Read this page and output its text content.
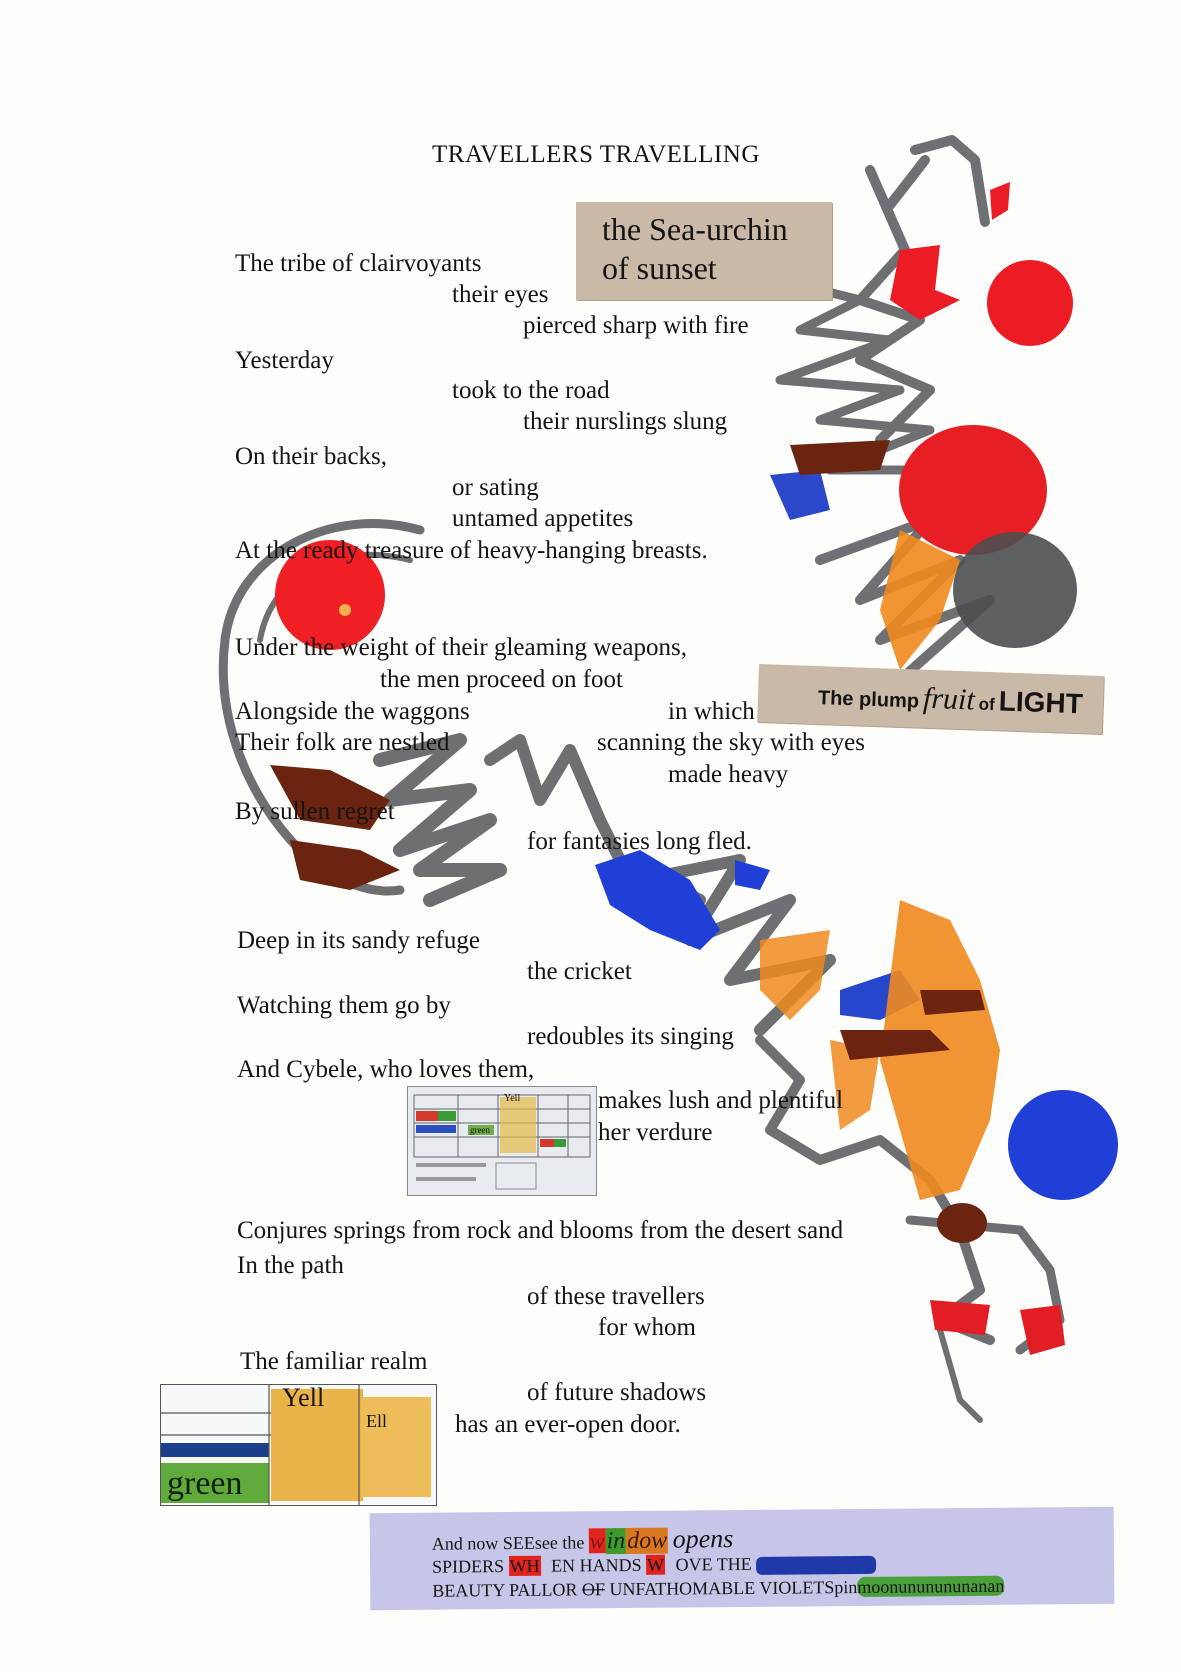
TRAVELLERS TRAVELLING
the Sea-urchin
of sunset
The plump fruit of LIGHT
The tribe of clairvoyants
their eyes
pierced sharp with fire
Yesterday
took to the road
their nurslings slung
On their backs,
or sating
untamed appetites
At the ready treasure of heavy-hanging breasts.
Under the weight of their gleaming weapons,
the men proceed on foot
Alongside the waggons	in which
Their folk are nestled	scanning the sky with eyes
made heavy
By sullen regret
for fantasies long fled.
Deep in its sandy refuge
the cricket
Watching them go by
redoubles its singing
And Cybele, who loves them,
makes lush and plentiful
her verdure
Conjures springs from rock and blooms from the desert sand
In the path
of these travellers
for whom
The familiar realm
of future shadows
has an ever-open door.
Yell
green
Yell
Ell
green
And now SEEsee the window opens
SPIDERS WH EN HANDS W OVE THE
BEAUTY PALLOR OF UNFATHOMABLE VIOLETSpinmoonununununanan
